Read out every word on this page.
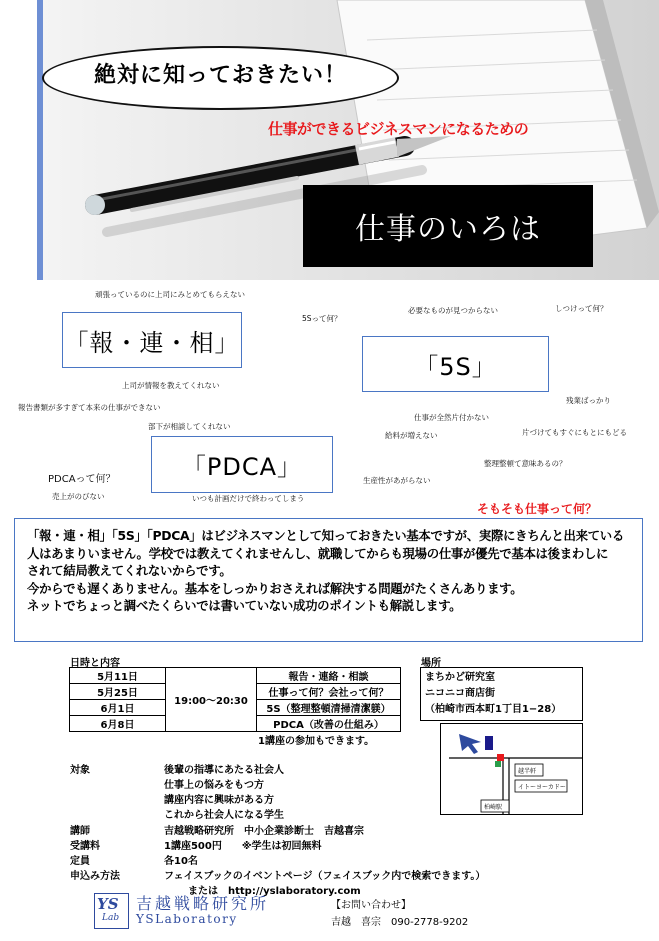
絶対に知っておきたい！
仕事ができるビジネスマンになるための
仕事のいろは
頑張っているのに上司にみとめてもらえない
5Sって何？
必要なものが見つからない	しつけって何？
「報・連・相」
「5S」
上司が情報を教えてくれない
報告書類が多すぎて本来の仕事ができない
部下が相談してくれない
残業ばっかり
仕事が全然片付かない
給料が増えない	片づけてもすぐにもとにもどる
「PDCA」
PDCAって何？
整理整頓て意味あるの？
生産性があがらない
売上がのびない	いつも計画だけで終わってしまう
そもそも仕事って何？

「報・連・相」「5S」「PDCA」はビジネスマンとして知っておきたい基本ですが、実際にきちんと出来ている

人はあまりいません。学校では教えてくれませんし、就職してからも現場の仕事が優先で基本は後まわしに

されて結局教えてくれないからです。

今からでも遅くありません。基本をしっかりおさえれば解決する問題がたくさんあります。

ネットでちょっと調べたくらいでは書いていない成功のポイントも解説します。

日時と内容
5月11日	19:00～20:30	報告・連絡・相談
5月25日		仕事って何？会社って何？
6月1日		5S（整理整頓清掃清潔躾）
6月8日		PDCA（改善の仕組み）
1講座の参加もできます。
場所
まちかど研究室
ニコニコ商店街
（柏崎市西本町1丁目1−28）
越半軒
イトーヨーカドー
柏崎駅
対象	後輩の指導にあたる社会人
仕事上の悩みをもつ方
講座内容に興味がある方
これから社会人になる学生
講師	吉越戦略研究所　中小企業診断士　吉越喜宗
受講料	1講座500円　　※学生は初回無料
定員	各10名
申込み方法	フェイスブックのイベントページ（フェイスブック内で検索できます。）
または　http://yslaboratory.com
YS
Lab
吉越戦略研究所
YSLaboratory
【お問い合わせ】
吉越　喜宗　090-2778-9202
